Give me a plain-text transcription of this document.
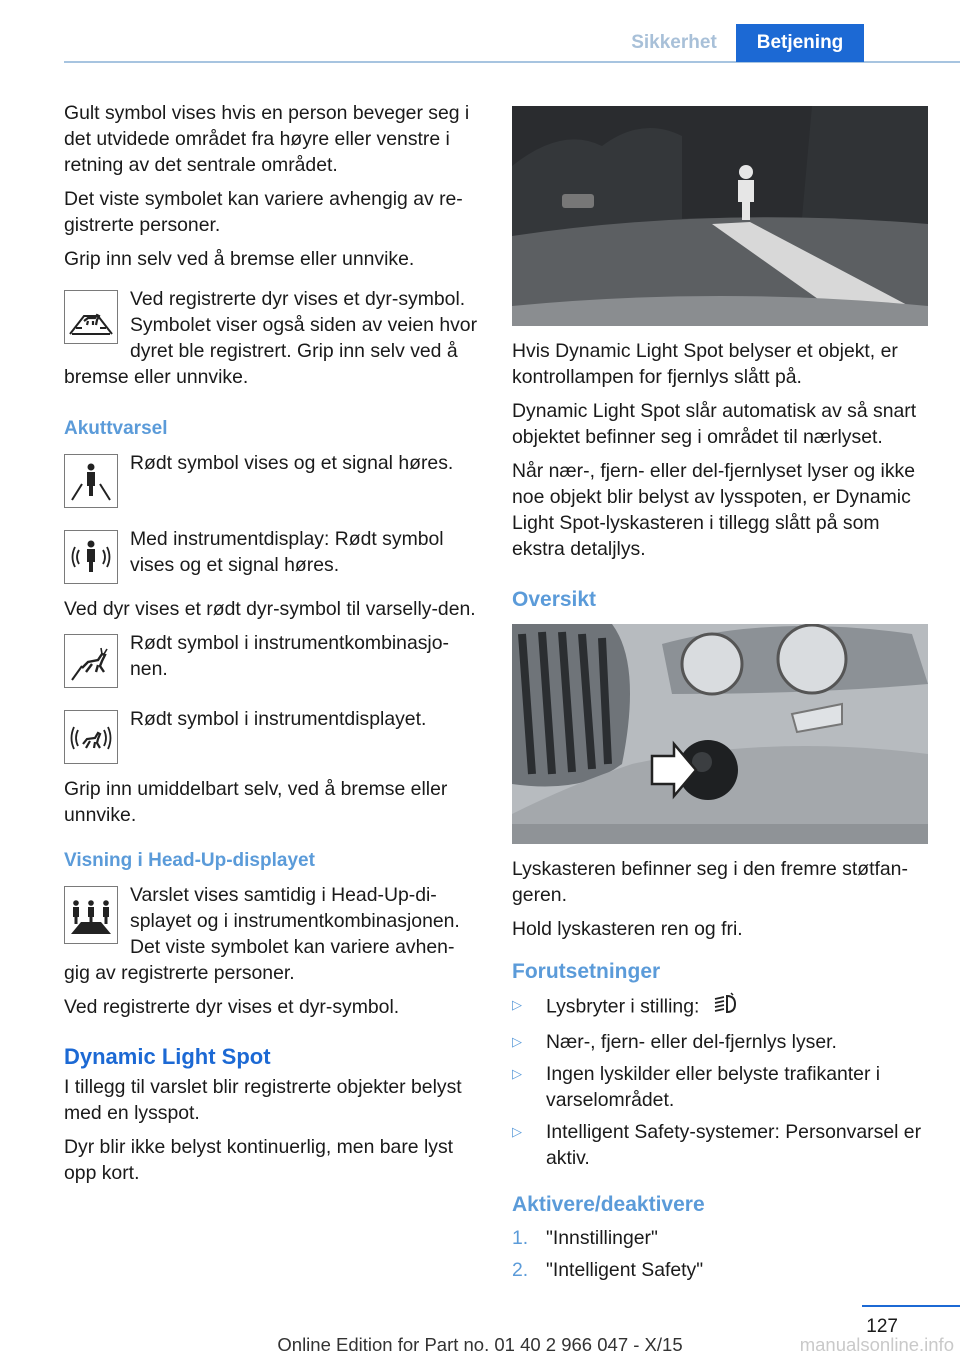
Sikkerhet	Betjening

Gult symbol vises hvis en person beveger seg i det utvidede området fra høyre eller venstre i retning av det sentrale området.

Det viste symbolet kan variere avhengig av re-gistrerte personer.

Grip inn selv ved å bremse eller unnvike.

Ved registrerte dyr vises et dyr-symbol. Symbolet viser også siden av veien hvor dyret ble registrert. Grip inn selv ved å bremse eller unnvike.
Akuttvarsel
Rødt symbol vises og et signal høres.
Med instrumentdisplay: Rødt symbol vises og et signal høres.

Ved dyr vises et rødt dyr-symbol til varselly-den.

Rødt symbol i instrumentkombinasjo-nen.
Rødt symbol i instrumentdisplayet.

Grip inn umiddelbart selv, ved å bremse eller unnvike.

Visning i Head-Up-displayet
Varslet vises samtidig i Head-Up-di-splayet og i instrumentkombinasjonen. Det viste symbolet kan variere avhen-gig av registrerte personer.

Ved registrerte dyr vises et dyr-symbol.

Dynamic Light Spot

I tillegg til varslet blir registrerte objekter belyst med en lysspot.

Dyr blir ikke belyst kontinuerlig, men bare lyst opp kort.

Hvis Dynamic Light Spot belyser et objekt, er kontrollampen for fjernlys slått på.

Dynamic Light Spot slår automatisk av så snart objektet befinner seg i området til nærlyset.

Når nær-, fjern- eller del-fjernlyset lyser og ikke noe objekt blir belyst av lysspoten, er Dynamic Light Spot-lyskasteren i tillegg slått på som ekstra detaljlys.

Oversikt

Lyskasteren befinner seg i den fremre støtfan-geren.

Hold lyskasteren ren og fri.

Forutsetninger
▷ Lysbryter i stilling:
▷ Nær-, fjern- eller del-fjernlys lyser.
▷ Ingen lyskilder eller belyste trafikanter i varselområdet.
▷ Intelligent Safety-systemer: Personvarsel er aktiv.
Aktivere/deaktivere
1. "Innstillinger"
2. "Intelligent Safety"
127
Online Edition for Part no. 01 40 2 966 047 - X/15	manualsonline.info
